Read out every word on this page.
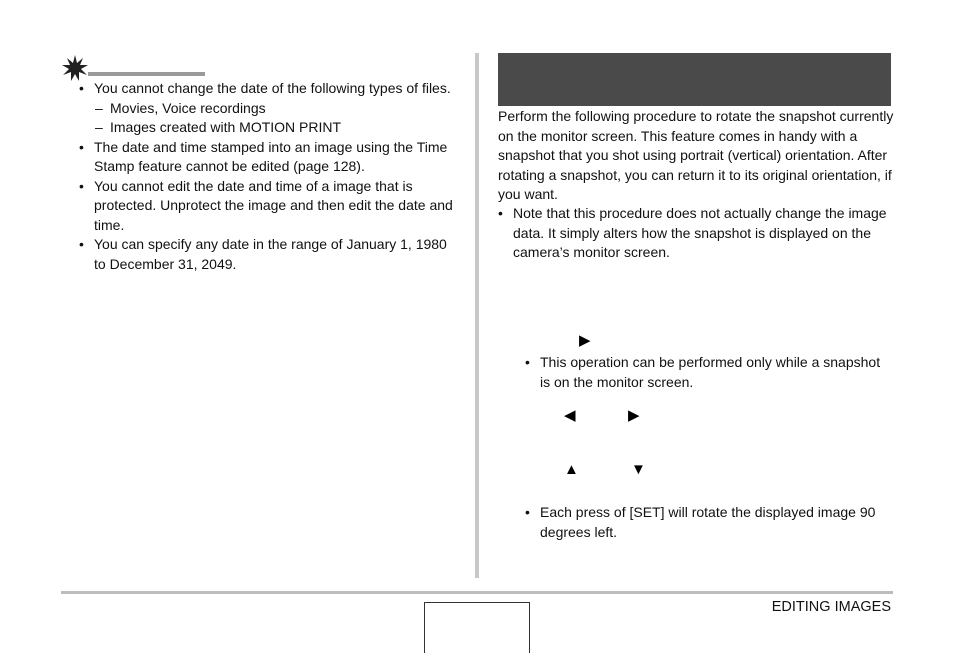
• You cannot change the date of the following types of files.
– Movies, Voice recordings
– Images created with MOTION PRINT
• The date and time stamped into an image using the Time Stamp feature cannot be edited (page 128).
• You cannot edit the date and time of a image that is protected. Unprotect the image and then edit the date and time.
• You can specify any date in the range of January 1, 1980 to December 31, 2049.
Perform the following procedure to rotate the snapshot currently on the monitor screen. This feature comes in handy with a snapshot that you shot using portrait (vertical) orientation. After rotating a snapshot, you can return it to its original orientation, if you want.
• Note that this procedure does not actually change the image data. It simply alters how the snapshot is displayed on the camera’s monitor screen.
▶
• This operation can be performed only while a snapshot is on the monitor screen.
◀	▶
▲	▼
• Each press of [SET] will rotate the displayed image 90 degrees left.
EDITING IMAGES
